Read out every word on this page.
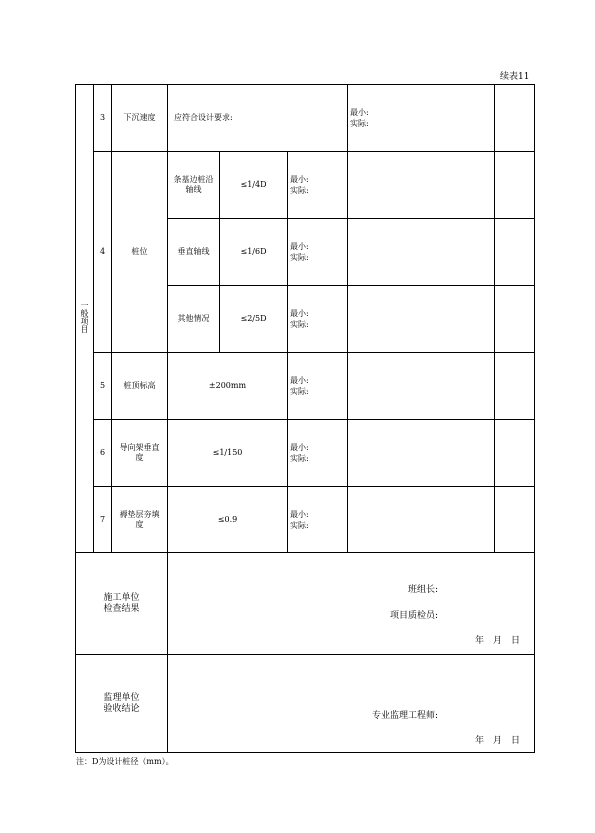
续表11
一般项目	3	下沉速度	应符合设计要求:			最小:
实际:		

	4	桩位	条基边桩沿轴线	≤1/4D	最小:
实际:			

			垂直轴线	≤1/6D	最小:
实际:			

			其他情况	≤2/5D	最小:
实际:			

	5	桩顶标高	±200mm		最小:
实际:			

	6	导向架垂直度	≤1/150		最小:
实际:			

	7	褥垫层夯填度	≤0.9		最小:
实际:			

施工单位检查结果			班组长:
项目质检员:
年　月　日					

监理单位验收结论			专业监理工程师:
年　月　日					
注：D为设计桩径（mm）。
